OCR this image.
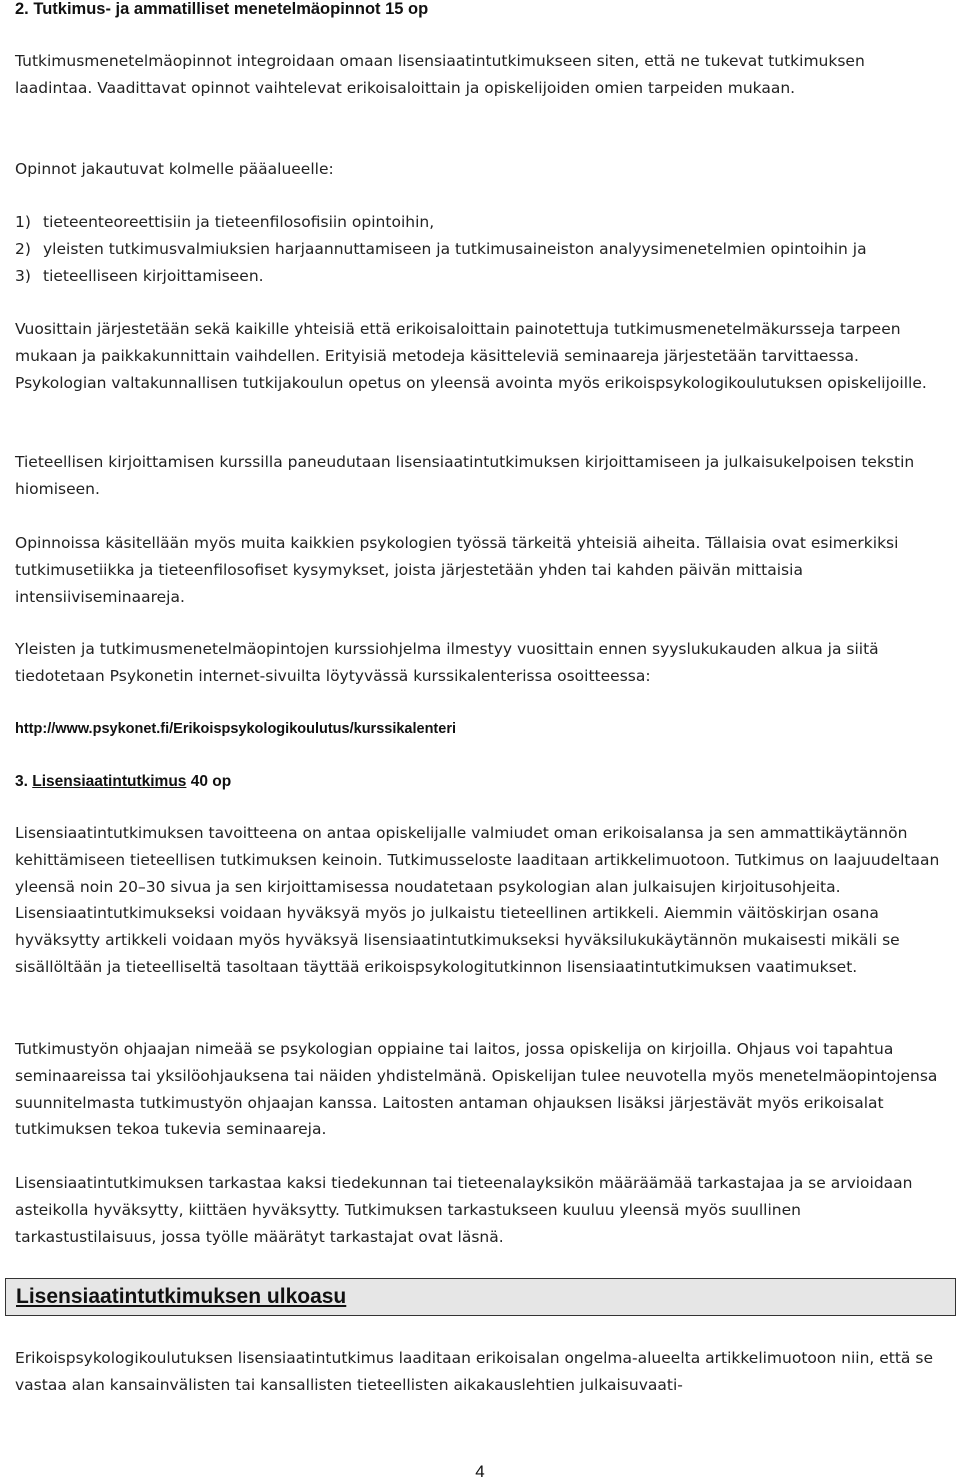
2. Tutkimus- ja ammatilliset menetelmäopinnot 15 op

Tutkimusmenetelmäopinnot integroidaan omaan lisensiaatintutkimukseen siten, että ne tukevat tutkimuksen laadintaa. Vaadittavat opinnot vaihtelevat erikoisaloittain ja opiskelijoiden omien tarpeiden mukaan.

Opinnot jakautuvat kolmelle pääalueelle:

1) tieteenteoreettisiin ja tieteenfilosofisiin opintoihin,
2) yleisten tutkimusvalmiuksien harjaannuttamiseen ja tutkimusaineiston analyysimenetelmien opintoihin ja
3) tieteelliseen kirjoittamiseen.

Vuosittain järjestetään sekä kaikille yhteisiä että erikoisaloittain painotettuja tutkimusmenetelmäkursseja tarpeen mukaan ja paikkakunnittain vaihdellen. Erityisiä metodeja käsitteleviä seminaareja järjestetään tarvittaessa. Psykologian valtakunnallisen tutkijakoulun opetus on yleensä avointa myös erikoispsykologikoulutuksen opiskelijoille.

Tieteellisen kirjoittamisen kurssilla paneudutaan lisensiaatintutkimuksen kirjoittamiseen ja julkaisukelpoisen tekstin hiomiseen.

Opinnoissa käsitellään myös muita kaikkien psykologien työssä tärkeitä yhteisiä aiheita. Tällaisia ovat esimerkiksi tutkimusetiikka ja tieteenfilosofiset kysymykset, joista järjestetään yhden tai kahden päivän mittaisia intensiiviseminaareja.

Yleisten ja tutkimusmenetelmäopintojen kurssiohjelma ilmestyy vuosittain ennen syyslukukauden alkua ja siitä tiedotetaan Psykonetin internet-sivuilta löytyvässä kurssikalenterissa osoitteessa:

http://www.psykonet.fi/Erikoispsykologikoulutus/kurssikalenteri
3. Lisensiaatintutkimus 40 op

Lisensiaatintutkimuksen tavoitteena on antaa opiskelijalle valmiudet oman erikoisalansa ja sen ammattikäytännön kehittämiseen tieteellisen tutkimuksen keinoin. Tutkimusseloste laaditaan artikkelimuotoon. Tutkimus on laajuudeltaan yleensä noin 20–30 sivua ja sen kirjoittamisessa noudatetaan psykologian alan julkaisujen kirjoitusohjeita. Lisensiaatintutkimukseksi voidaan hyväksyä myös jo julkaistu tieteellinen artikkeli. Aiemmin väitöskirjan osana hyväksytty artikkeli voidaan myös hyväksyä lisensiaatintutkimukseksi hyväksilukukäytännön mukaisesti mikäli se sisällöltään ja tieteelliseltä tasoltaan täyttää erikoispsykologitutkinnon lisensiaatintutkimuksen vaatimukset.

Tutkimustyön ohjaajan nimeää se psykologian oppiaine tai laitos, jossa opiskelija on kirjoilla. Ohjaus voi tapahtua seminaareissa tai yksilöohjauksena tai näiden yhdistelmänä. Opiskelijan tulee neuvotella myös menetelmäopintojensa suunnitelmasta tutkimustyön ohjaajan kanssa. Laitosten antaman ohjauksen lisäksi järjestävät myös erikoisalat tutkimuksen tekoa tukevia seminaareja.

Lisensiaatintutkimuksen tarkastaa kaksi tiedekunnan tai tieteenalayksikön määräämää tarkastajaa ja se arvioidaan asteikolla hyväksytty, kiittäen hyväksytty. Tutkimuksen tarkastukseen kuuluu yleensä myös suullinen tarkastustilaisuus, jossa työlle määrätyt tarkastajat ovat läsnä.

Erikoispsykologikoulutuksen lisensiaatintutkimus laaditaan erikoisalan ongelma-alueelta artikkelimuotoon niin, että se vastaa alan kansainvälisten tai kansallisten tieteellisten aikakauslehtien julkaisuvaati-

Lisensiaatintutkimuksen ulkoasu
4
